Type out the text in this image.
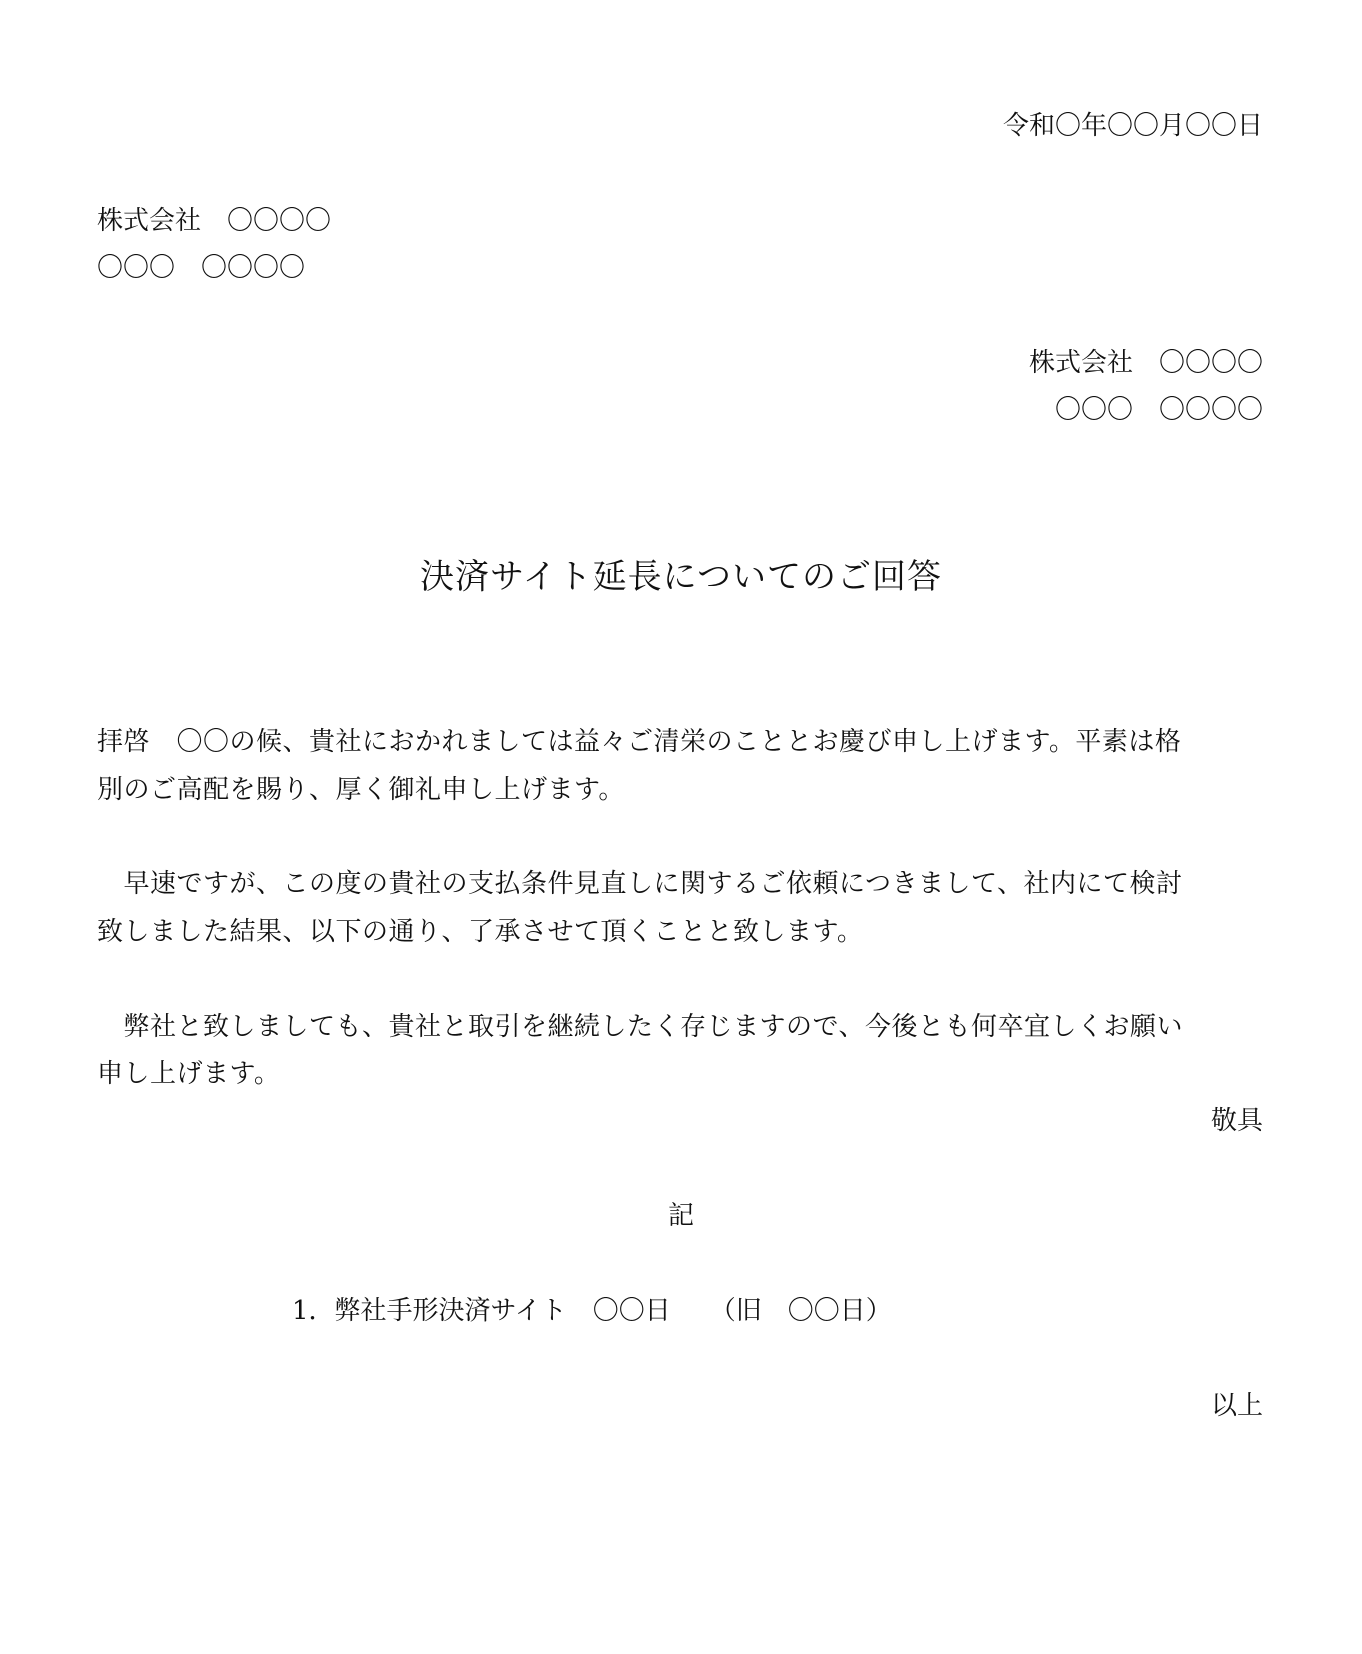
令和〇年〇〇月〇〇日
株式会社　〇〇〇〇
〇〇〇　〇〇〇〇
株式会社　〇〇〇〇
〇〇〇　〇〇〇〇
決済サイト延長についてのご回答
拝啓　〇〇の候、貴社におかれましては益々ご清栄のこととお慶び申し上げます。平素は格
別のご高配を賜り、厚く御礼申し上げます。
　早速ですが、この度の貴社の支払条件見直しに関するご依頼につきまして、社内にて検討
致しました結果、以下の通り、了承させて頂くことと致します。
　弊社と致しましても、貴社と取引を継続したく存じますので、今後とも何卒宜しくお願い
申し上げます。
敬具
記
1．弊社手形決済サイト　〇〇日　　（旧　〇〇日）
以上
